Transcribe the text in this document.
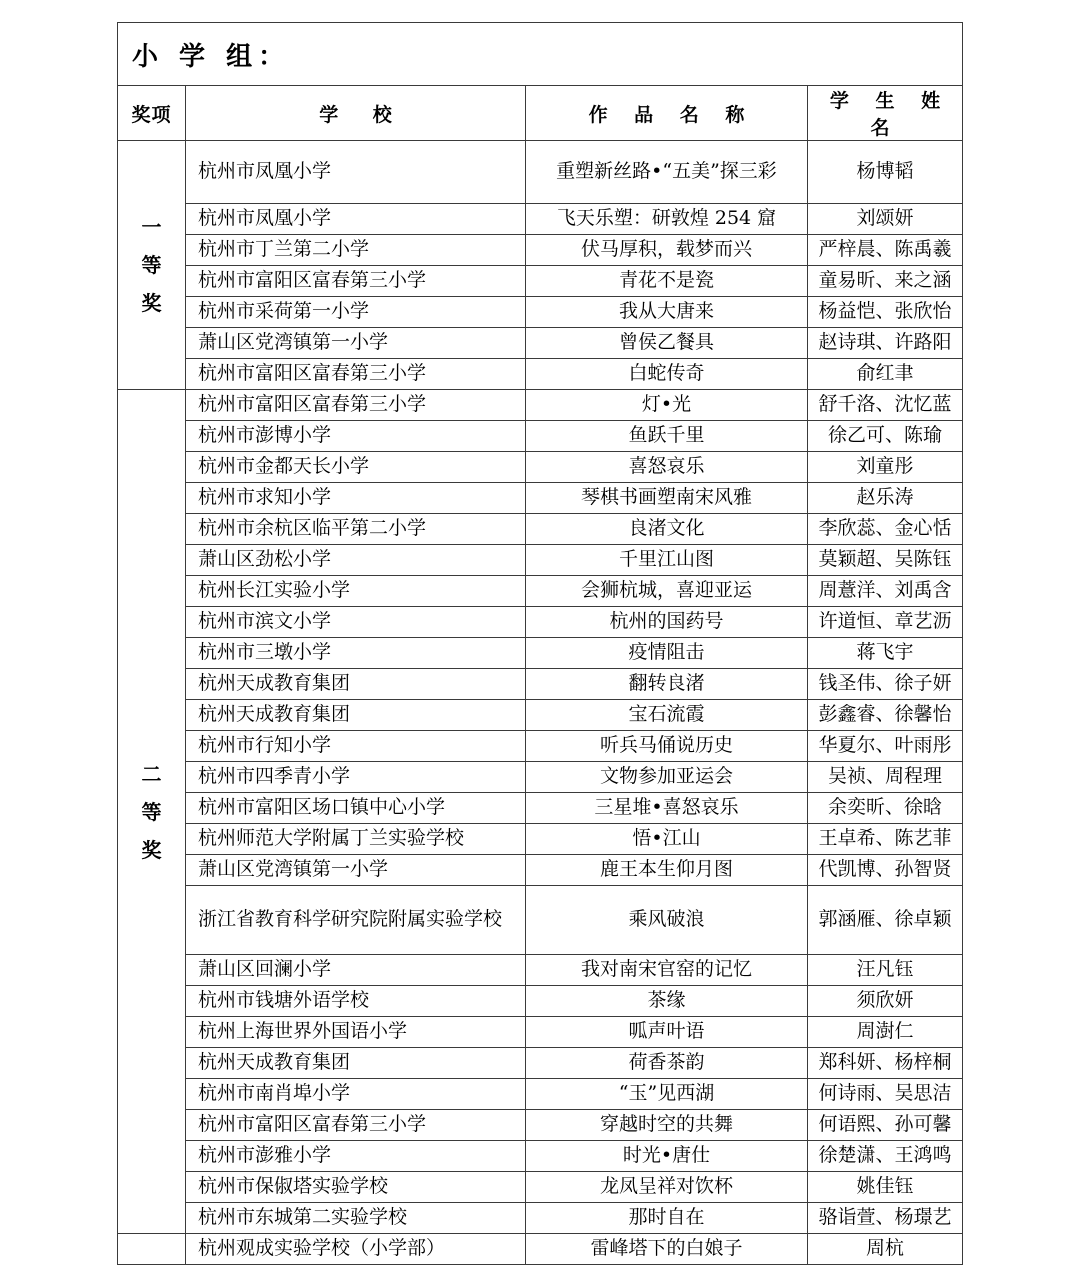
小 学 组：			
奖项	学 校	作 品 名 称	学 生 姓 名

一
等
奖	杭州市凤凰小学	重塑新丝路•“五美”探三彩	杨博韬
	杭州市凤凰小学	飞天乐塑：研敦煌 254 窟	刘颂妍
	杭州市丁兰第二小学	伏马厚积，载梦而兴	严梓晨、陈禹羲
	杭州市富阳区富春第三小学	青花不是瓷	童易昕、来之涵
	杭州市采荷第一小学	我从大唐来	杨益恺、张欣怡
	萧山区党湾镇第一小学	曾侯乙餐具	赵诗琪、许路阳
	杭州市富阳区富春第三小学	白蛇传奇	俞红聿

二
等
奖	杭州市富阳区富春第三小学	灯•光	舒千洛、沈忆蓝
	杭州市澎博小学	鱼跃千里	徐乙可、陈瑜
	杭州市金都天长小学	喜怒哀乐	刘童彤
	杭州市求知小学	琴棋书画塑南宋风雅	赵乐涛
	杭州市余杭区临平第二小学	良渚文化	李欣蕊、金心恬
	萧山区劲松小学	千里江山图	莫颖超、吴陈钰
	杭州长江实验小学	会狮杭城，喜迎亚运	周薏洋、刘禹含
	杭州市滨文小学	杭州的国药号	许道恒、章艺沥
	杭州市三墩小学	疫情阻击	蒋飞宇
	杭州天成教育集团	翻转良渚	钱圣伟、徐子妍
	杭州天成教育集团	宝石流霞	彭鑫睿、徐馨怡
	杭州市行知小学	听兵马俑说历史	华夏尔、叶雨彤
	杭州市四季青小学	文物参加亚运会	吴祯、周程理
	杭州市富阳区场口镇中心小学	三星堆•喜怒哀乐	余奕昕、徐晗
	杭州师范大学附属丁兰实验学校	悟•江山	王卓希、陈艺菲
	萧山区党湾镇第一小学	鹿王本生仰月图	代凯博、孙智贤
	浙江省教育科学研究院附属实验学校	乘风破浪	郭涵雁、徐卓颖
	萧山区回澜小学	我对南宋官窑的记忆	汪凡钰
	杭州市钱塘外语学校	茶缘	须欣妍
	杭州上海世界外国语小学	呱声叶语	周澍仁
	杭州天成教育集团	荷香茶韵	郑科妍、杨梓桐
	杭州市南肖埠小学	“玉”见西湖	何诗雨、吴思洁
	杭州市富阳区富春第三小学	穿越时空的共舞	何语熙、孙可馨
	杭州市澎雅小学	时光•唐仕	徐楚潇、王鸿鸣
	杭州市保俶塔实验学校	龙凤呈祥对饮杯	姚佳钰
	杭州市东城第二实验学校	那时自在	骆诣萱、杨璟艺

	杭州观成实验学校（小学部）	雷峰塔下的白娘子	周杭
